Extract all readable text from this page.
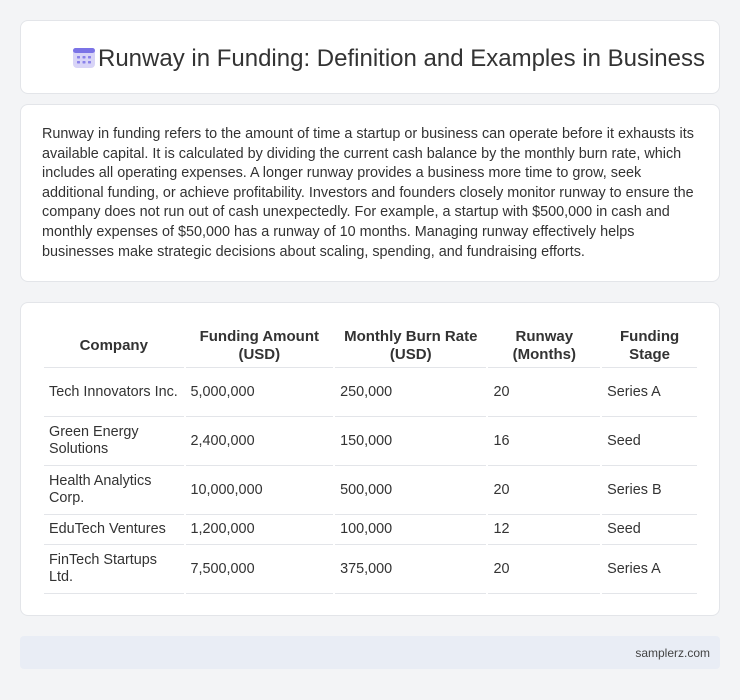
Runway in Funding: Definition and Examples in Business

Runway in funding refers to the amount of time a startup or business can operate before it exhausts its available capital. It is calculated by dividing the current cash balance by the monthly burn rate, which includes all operating expenses. A longer runway provides a business more time to grow, seek additional funding, or achieve profitability. Investors and founders closely monitor runway to ensure the company does not run out of cash unexpectedly. For example, a startup with $500,000 in cash and monthly expenses of $50,000 has a runway of 10 months. Managing runway effectively helps businesses make strategic decisions about scaling, spending, and fundraising efforts.

Company	Funding Amount (USD)	Monthly Burn Rate (USD)	Runway (Months)	Funding Stage
Tech Innovators Inc.	5,000,000	250,000	20	Series A
Green Energy Solutions	2,400,000	150,000	16	Seed
Health Analytics Corp.	10,000,000	500,000	20	Series B
EduTech Ventures	1,200,000	100,000	12	Seed
FinTech Startups Ltd.	7,500,000	375,000	20	Series A
samplerz.com
